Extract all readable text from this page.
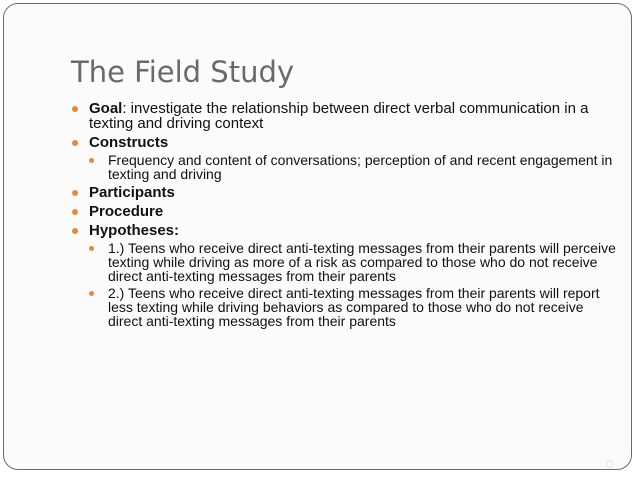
The Field Study
Goal: investigate the relationship between direct verbal communication in a texting and driving context
Constructs
Frequency and content of conversations; perception of and recent engagement in texting and driving
Participants
Procedure
Hypotheses:
1.) Teens who receive direct anti-texting messages from their parents will perceive texting while driving as more of a risk as compared to those who do not receive direct anti-texting messages from their parents
2.) Teens who receive direct anti-texting messages from their parents will report less texting while driving behaviors as compared to those who do not receive direct anti-texting messages from their parents
